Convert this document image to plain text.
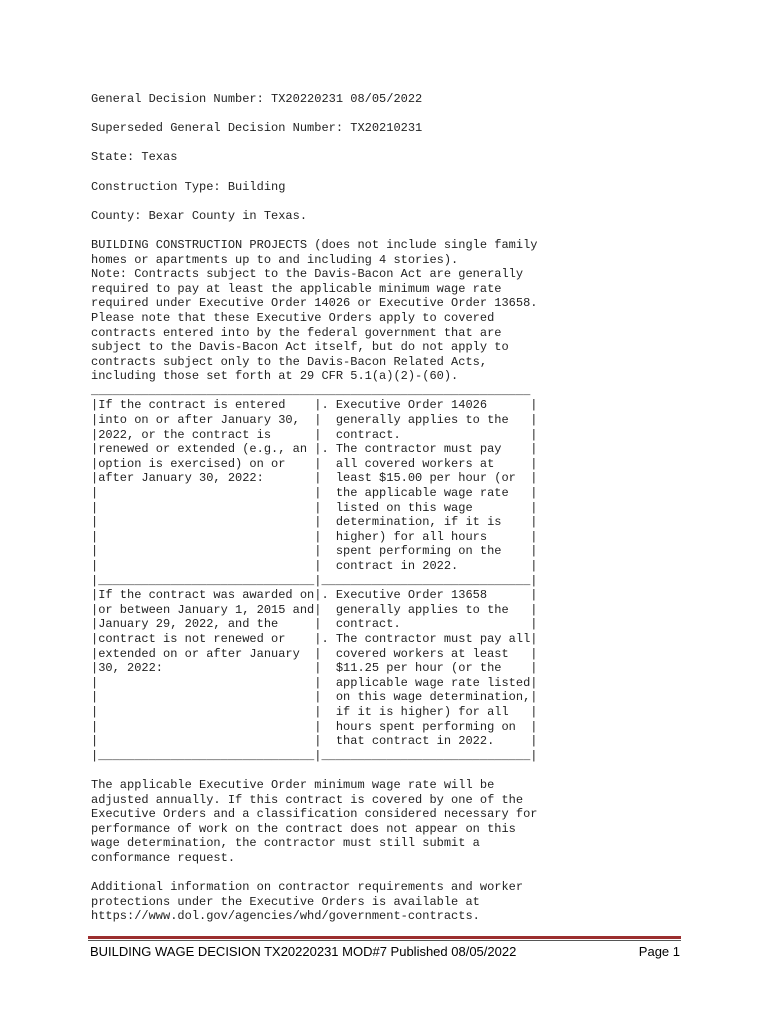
General Decision Number: TX20220231 08/05/2022

Superseded General Decision Number: TX20210231

State: Texas

Construction Type: Building

County: Bexar County in Texas.

BUILDING CONSTRUCTION PROJECTS (does not include single family
homes or apartments up to and including 4 stories).
Note: Contracts subject to the Davis-Bacon Act are generally
required to pay at least the applicable minimum wage rate
required under Executive Order 14026 or Executive Order 13658.
Please note that these Executive Orders apply to covered
contracts entered into by the federal government that are
subject to the Davis-Bacon Act itself, but do not apply to
contracts subject only to the Davis-Bacon Related Acts,
including those set forth at 29 CFR 5.1(a)(2)-(60).
_____________________________________________________________
|If the contract is entered    |. Executive Order 14026      |
|into on or after January 30,  |  generally applies to the   |
|2022, or the contract is      |  contract.                  |
|renewed or extended (e.g., an |. The contractor must pay    |
|option is exercised) on or    |  all covered workers at     |
|after January 30, 2022:       |  least $15.00 per hour (or  |
|                              |  the applicable wage rate   |
|                              |  listed on this wage        |
|                              |  determination, if it is    |
|                              |  higher) for all hours      |
|                              |  spent performing on the    |
|                              |  contract in 2022.          |
|______________________________|_____________________________|
|If the contract was awarded on|. Executive Order 13658      |
|or between January 1, 2015 and|  generally applies to the   |
|January 29, 2022, and the     |  contract.                  |
|contract is not renewed or    |. The contractor must pay all|
|extended on or after January  |  covered workers at least   |
|30, 2022:                     |  $11.25 per hour (or the    |
|                              |  applicable wage rate listed|
|                              |  on this wage determination,|
|                              |  if it is higher) for all   |
|                              |  hours spent performing on  |
|                              |  that contract in 2022.     |
|______________________________|_____________________________|

The applicable Executive Order minimum wage rate will be
adjusted annually. If this contract is covered by one of the
Executive Orders and a classification considered necessary for
performance of work on the contract does not appear on this
wage determination, the contractor must still submit a
conformance request.

Additional information on contractor requirements and worker
protections under the Executive Orders is available at
https://www.dol.gov/agencies/whd/government-contracts.
BUILDING WAGE DECISION TX20220231 MOD#7 Published 08/05/2022	Page 1
